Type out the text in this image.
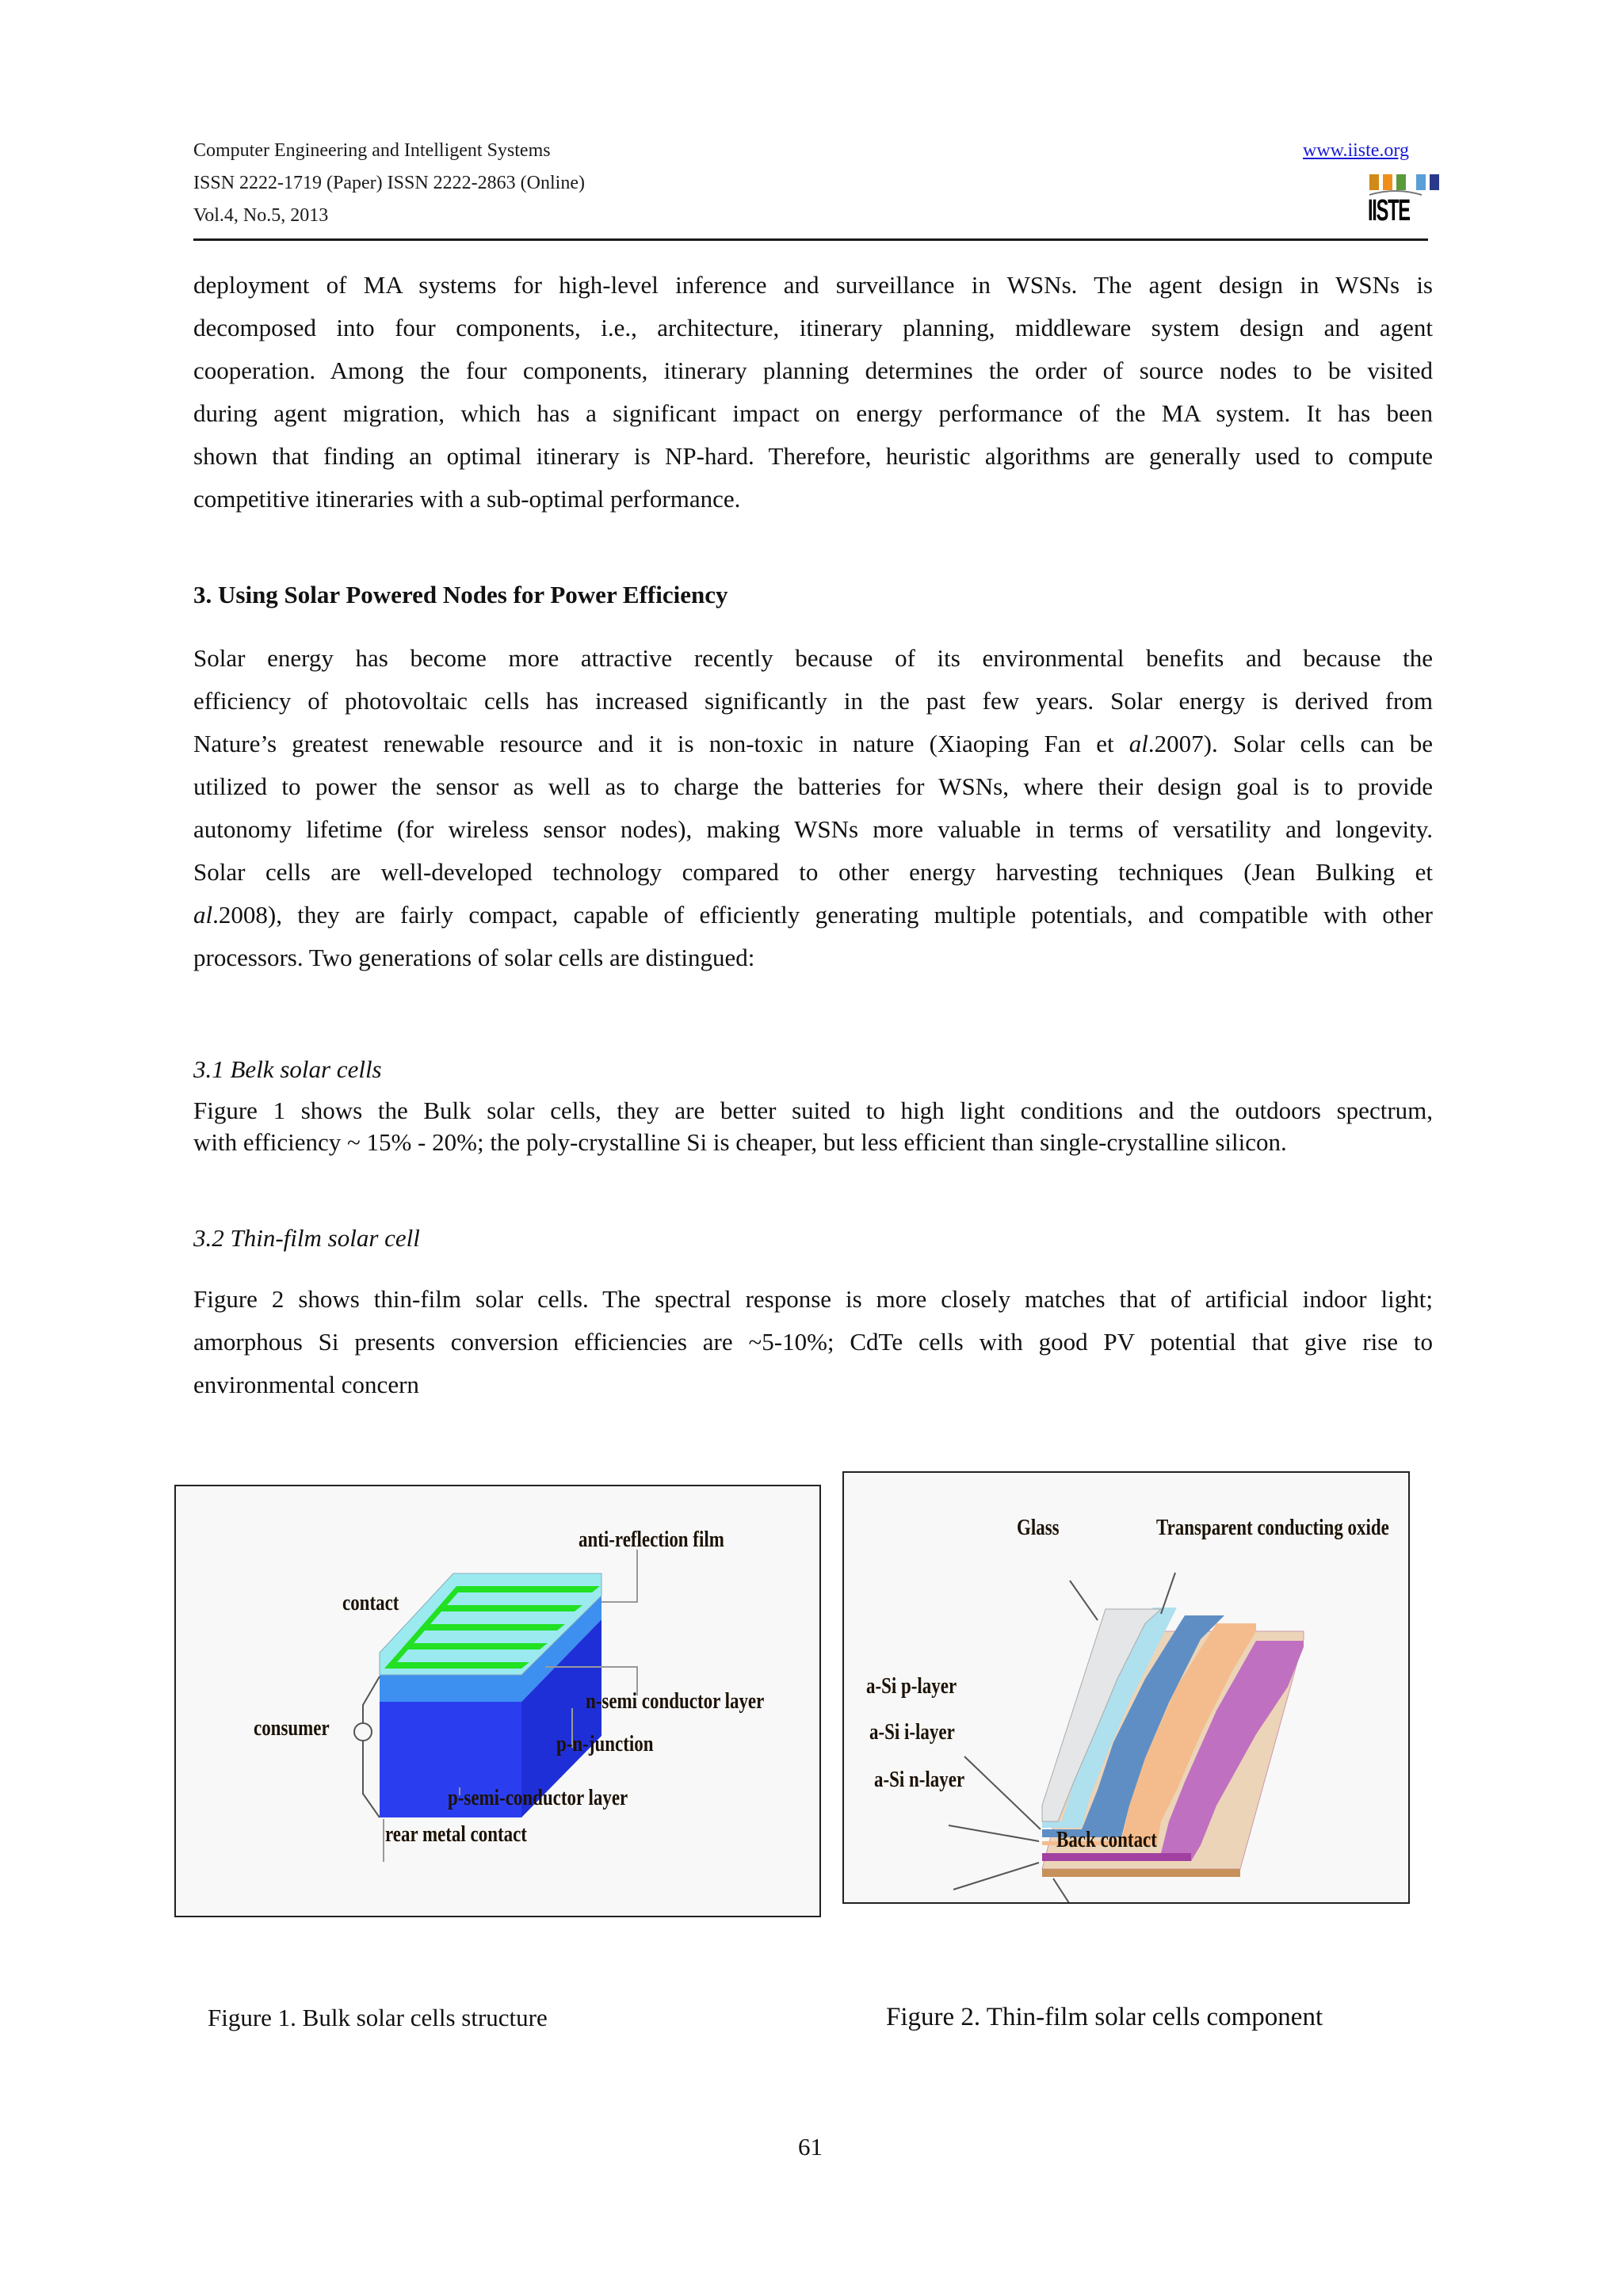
Computer Engineering and Intelligent Systems
ISSN 2222-1719 (Paper) ISSN 2222-2863 (Online)
Vol.4, No.5, 2013
www.iiste.org
IISTE
deployment of MA systems for high-level inference and surveillance in WSNs. The agent design in WSNs is
decomposed into four components, i.e., architecture, itinerary planning, middleware system design and agent
cooperation. Among the four components, itinerary planning determines the order of source nodes to be visited
during agent migration, which has a significant impact on energy performance of the MA system. It has been
shown that finding an optimal itinerary is NP-hard. Therefore, heuristic algorithms are generally used to compute
competitive itineraries with a sub-optimal performance.
3. Using Solar Powered Nodes for Power Efficiency
Solar energy has become more attractive recently because of its environmental benefits and because the
efficiency of photovoltaic cells has increased significantly in the past few years. Solar energy is derived from
Nature’s greatest renewable resource and it is non-toxic in nature (Xiaoping Fan et al.2007). Solar cells can be
utilized to power the sensor as well as to charge the batteries for WSNs, where their design goal is to provide
autonomy lifetime (for wireless sensor nodes), making WSNs more valuable in terms of versatility and longevity.
Solar cells are well-developed technology compared to other energy harvesting techniques (Jean Bulking et
al.2008), they are fairly compact, capable of efficiently generating multiple potentials, and compatible with other
processors. Two generations of solar cells are distingued:
3.1 Belk solar cells
Figure 1 shows the Bulk solar cells, they are better suited to high light conditions and the outdoors spectrum,
with efficiency ~ 15% - 20%; the poly-crystalline Si is cheaper, but less efficient than single-crystalline silicon.
3.2 Thin-film solar cell
Figure 2 shows thin-film solar cells. The spectral response is more closely matches that of artificial indoor light;
amorphous Si presents conversion efficiencies are ~5-10%; CdTe cells with good PV potential that give rise to
environmental concern
anti-reflection film
contact
n-semi conductor layer
consumer
p-n-junction
p-semi-conductor layer
rear metal contact
Glass	Transparent conducting oxide
a-Si p-layer
a-Si i-layer
a-Si n-layer
Back contact
Figure 1. Bulk solar cells structure	Figure 2. Thin-film solar cells component
61
